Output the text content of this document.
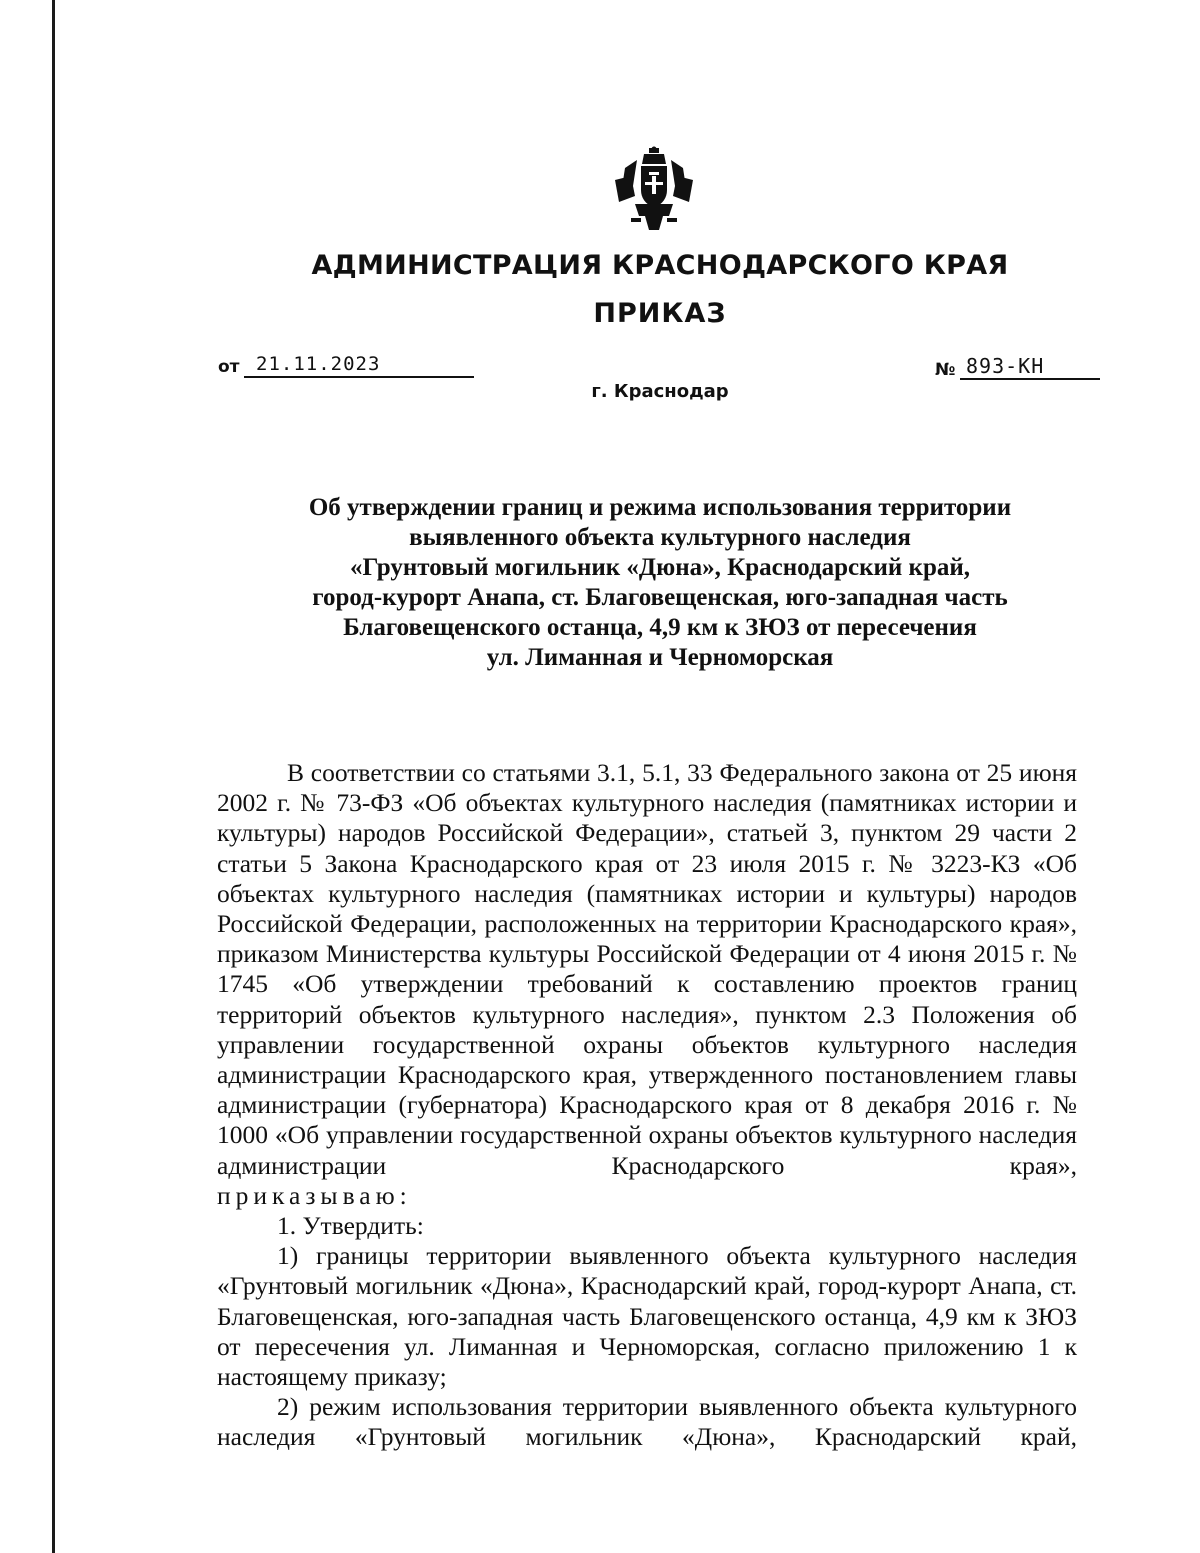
АДМИНИСТРАЦИЯ КРАСНОДАРСКОГО КРАЯ
ПРИКАЗ
от 21.11.2023
г. Краснодар
№ 893-КН
Об утверждении границ и режима использования территории
выявленного объекта культурного наследия
«Грунтовый могильник «Дюна», Краснодарский край,
город-курорт Анапа, ст. Благовещенская, юго-западная часть
Благовещенского останца, 4,9 км к ЗЮЗ от пересечения
ул. Лиманная и Черноморская
В соответствии со статьями 3.1, 5.1, 33 Федерального закона от 25 июня 2002 г. № 73-ФЗ «Об объектах культурного наследия (памятниках истории и культуры) народов Российской Федерации», статьей 3, пунктом 29 части 2 статьи 5 Закона Краснодарского края от 23 июля 2015 г. № 3223-КЗ «Об объектах культурного наследия (памятниках истории и культуры) народов Российской Федерации, расположенных на территории Краснодарского края», приказом Министерства культуры Российской Федерации от 4 июня 2015 г. № 1745 «Об утверждении требований к составлению проектов границ территорий объектов культурного наследия», пунктом 2.3 Положения об управлении государственной охраны объектов культурного наследия администрации Краснодарского края, утвержденного постановлением главы администрации (губернатора) Краснодарского края от 8 декабря 2016 г. № 1000 «Об управлении государственной охраны объектов культурного наследия администрации Краснодарского края»,
приказываю:
1. Утвердить:
1) границы территории выявленного объекта культурного наследия «Грунтовый могильник «Дюна», Краснодарский край, город-курорт Анапа, ст. Благовещенская, юго-западная часть Благовещенского останца, 4,9 км к ЗЮЗ от пересечения ул. Лиманная и Черноморская, согласно приложению 1 к настоящему приказу;
2) режим использования территории выявленного объекта культурного наследия «Грунтовый могильник «Дюна», Краснодарский край,
